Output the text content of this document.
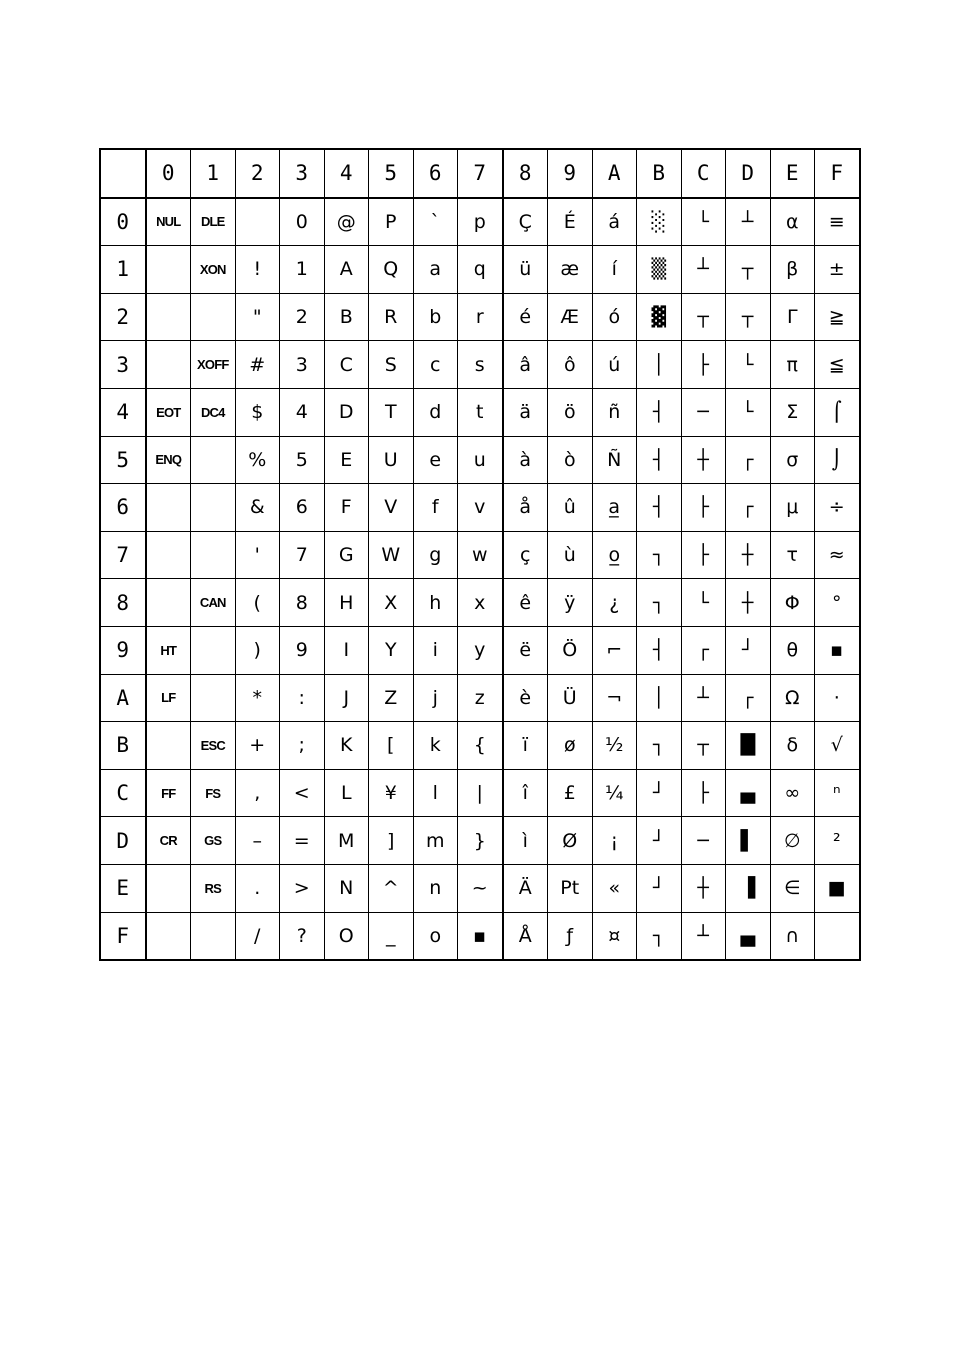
	0	1	2	3	4	5	6	7	8	9	A	B	C	D	E	F
0	NUL	DLE		0	@	P	`	p	Ç	É	á	░	└	┴	α	≡
1		XON	!	1	A	Q	a	q	ü	æ	í	▒	┴	┬	β	±
2			"	2	B	R	b	r	é	Æ	ó	▓	┬	┬	Γ	≧
3		XOFF	#	3	C	S	c	s	â	ô	ú	│	├	└	π	≦
4	EOT	DC4	$	4	D	T	d	t	ä	ö	ñ	┤	─	└	Σ	⌠
5	ENQ		%	5	E	U	e	u	à	ò	Ñ	┤	┼	┌	σ	⌡
6			&	6	F	V	f	v	å	û	a̲	┤	├	┌	μ	÷
7			'	7	G	W	g	w	ç	ù	o̲	┐	├	┼	τ	≈
8		CAN	(	8	H	X	h	x	ê	ÿ	¿	┐	└	┼	Φ	°
9	HT		)	9	I	Y	i	y	ë	Ö	⌐	┤	┌	┘	θ	▪
A	LF		*	:	J	Z	j	z	è	Ü	¬	│	┴	┌	Ω	·
B		ESC	+	;	K	[	k	{	ï	ø	½	┐	┬	█	δ	√
C	FF	FS	,	<	L	¥	l	|	î	£	¼	┘	├	▄	∞	ⁿ
D	CR	GS	–	=	M	]	m	}	ì	Ø	¡	┘	─	▌	∅	²
E		RS	.	>	N	^	n	~	Ä	Pt	«	┘	┼	▐	∈	■
F			/	?	O	_	o	▪	Å	ƒ	¤	┐	┴	▄	∩	
